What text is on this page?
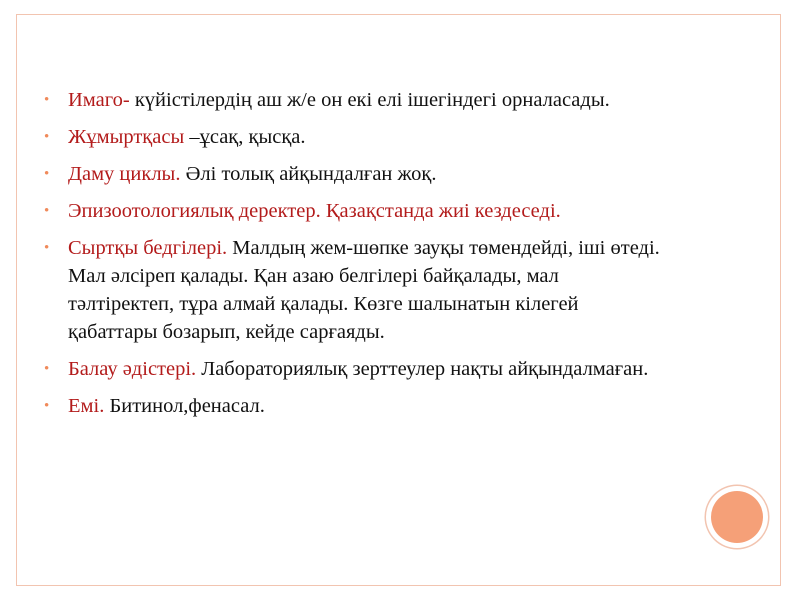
• Имаго- күйістілердің аш ж/е он екі елі ішегіндегі орналасады.
• Жұмыртқасы –ұсақ, қысқа.
• Даму циклы. Әлі толық айқындалған жоқ.
• Эпизоотологиялық деректер. Қазақстанда жиі кездеседі.
• Сыртқы бедгілері. Малдың жем-шөпке зауқы төмендейді, іші өтеді. Мал әлсіреп қалады. Қан азаю белгілері байқалады, мал тәлтіректеп, тұра алмай қалады. Көзге шалынатын кілегей қабаттары бозарып, кейде сарғаяды.
• Балау әдістері. Лабораториялық зерттеулер нақты айқындалмаған.
• Емі. Битинол,фенасал.
